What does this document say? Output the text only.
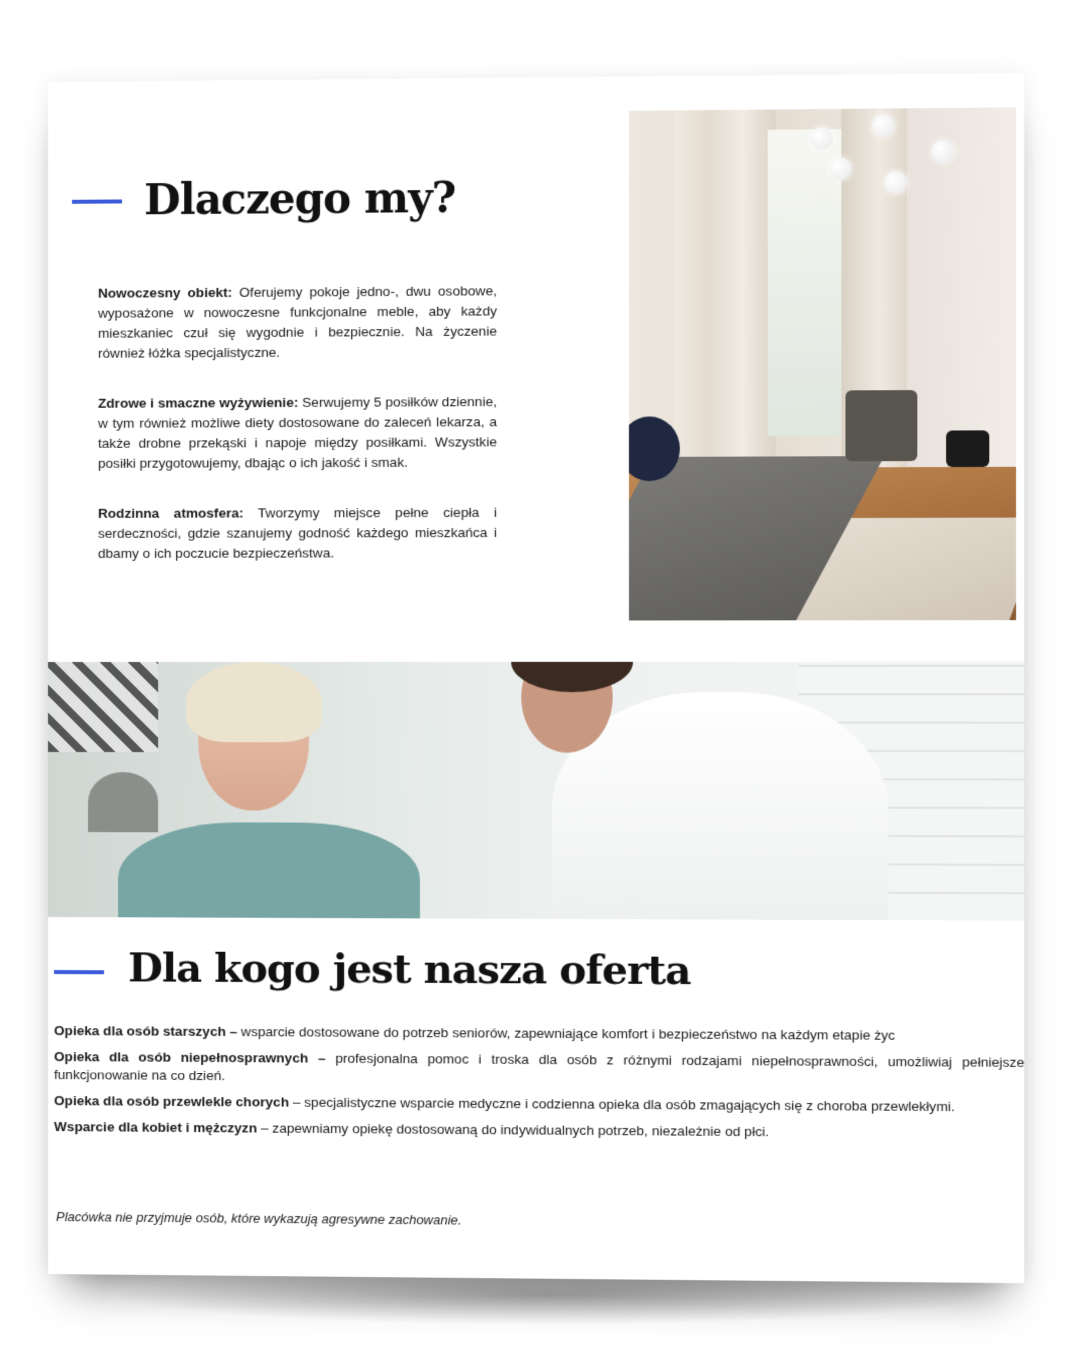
Dlaczego my?

Nowoczesny obiekt: Oferujemy pokoje jedno-, dwu osobowe, wyposażone w nowoczesne funkcjonalne meble, aby każdy mieszkaniec czuł się wygodnie i bezpiecznie. Na życzenie również łóżka specjalistyczne.

Zdrowe i smaczne wyżywienie: Serwujemy 5 posiłków dziennie, w tym również możliwe diety dostosowane do zaleceń lekarza, a także drobne przekąski i napoje między posiłkami. Wszystkie posiłki przygotowujemy, dbając o ich jakość i smak.

Rodzinna atmosfera: Tworzymy miejsce pełne ciepła i serdeczności, gdzie szanujemy godność każdego mieszkańca i dbamy o ich poczucie bezpieczeństwa.

Dla kogo jest nasza oferta

Opieka dla osób starszych – wsparcie dostosowane do potrzeb seniorów, zapewniające komfort i bezpieczeństwo na każdym etapie życ

Opieka dla osób niepełnosprawnych – profesjonalna pomoc i troska dla osób z różnymi rodzajami niepełnosprawności, umożliwiaj pełniejsze funkcjonowanie na co dzień.

Opieka dla osób przewlekle chorych – specjalistyczne wsparcie medyczne i codzienna opieka dla osób zmagających się z choroba przewlekłymi.

Wsparcie dla kobiet i mężczyzn – zapewniamy opiekę dostosowaną do indywidualnych potrzeb, niezależnie od płci.

Placówka nie przyjmuje osób, które wykazują agresywne zachowanie.
